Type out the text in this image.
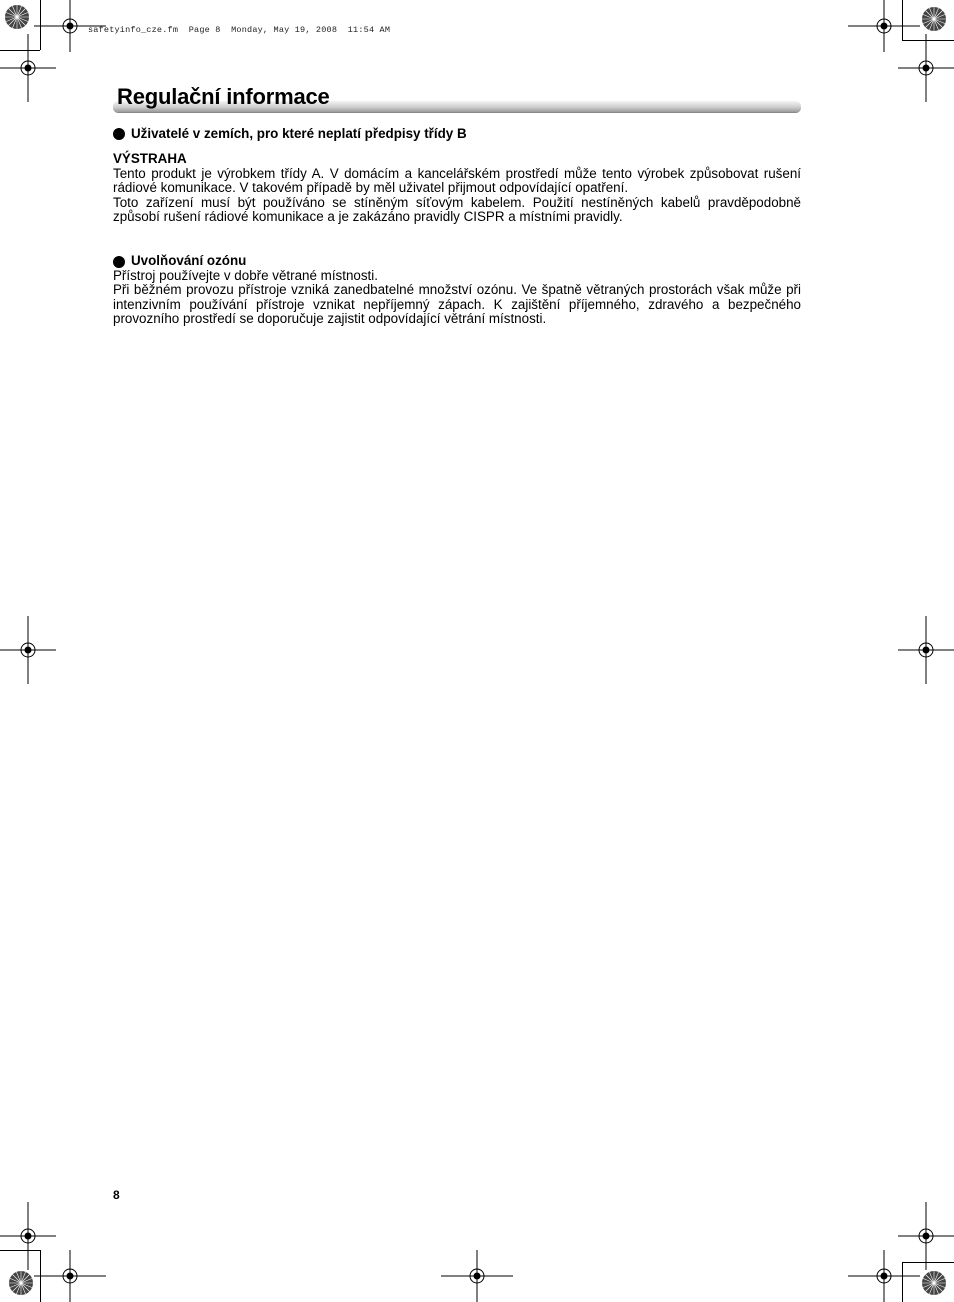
safetyinfo_cze.fm  Page 8  Monday, May 19, 2008  11:54 AM
Regulační informace
Uživatelé v zemích, pro které neplatí předpisy třídy B
VÝSTRAHA

Tento produkt je výrobkem třídy A. V domácím a kancelářském prostředí může tento výrobek způsobovat rušení rádiové komunikace. V takovém případě by měl uživatel přijmout odpovídající opatření.

Toto zařízení musí být používáno se stíněným síťovým kabelem. Použití nestíněných kabelů pravděpodobně způsobí rušení rádiové komunikace a je zakázáno pravidly CISPR a místními pravidly.

Uvolňování ozónu

Přístroj používejte v dobře větrané místnosti.

Při běžném provozu přístroje vzniká zanedbatelné množství ozónu. Ve špatně větraných prostorách však může při intenzivním používání přístroje vznikat nepříjemný zápach. K zajištění příjemného, zdravého a bezpečného provozního prostředí se doporučuje zajistit odpovídající větrání místnosti.

8
